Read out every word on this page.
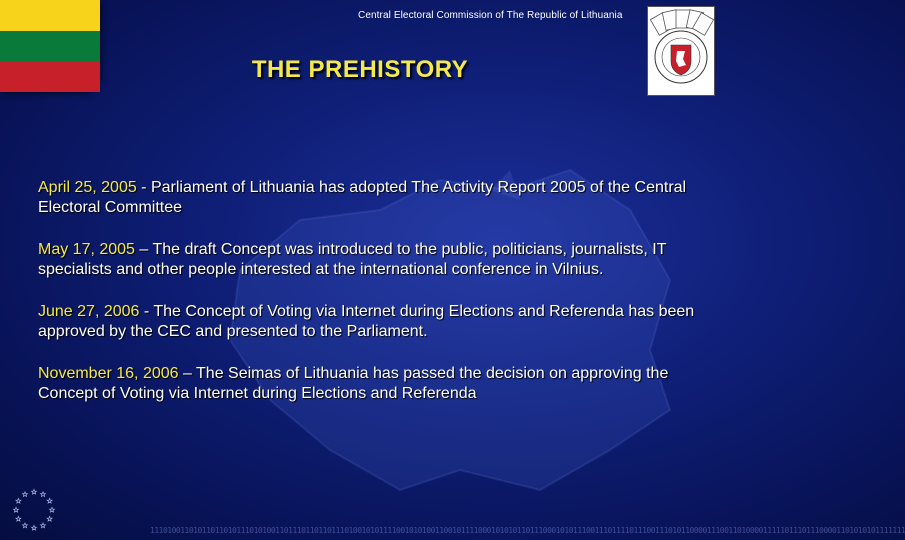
Central Electoral Commission of The Republic of Lithuania
THE PREHISTORY
April 25, 2005 - Parliament of Lithuania has adopted The Activity Report 2005 of the Central Electoral Committee
May 17, 2005 – The draft Concept was introduced to the public, politicians, journalists, IT specialists and other people interested at the international conference in Vilnius.
June 27, 2006 - The Concept of Voting via Internet during Elections and Referenda has been approved by the CEC and presented to the Parliament.
November 16, 2006 – The Seimas of Lithuania has passed the decision on approving the Concept of Voting via Internet during Elections and Referenda
1110100110101101101011101010011011101101101110100101011110010101001100101111000101010110111000101011100111011110111001110101100001110011010000111110111011100001101010101111111
